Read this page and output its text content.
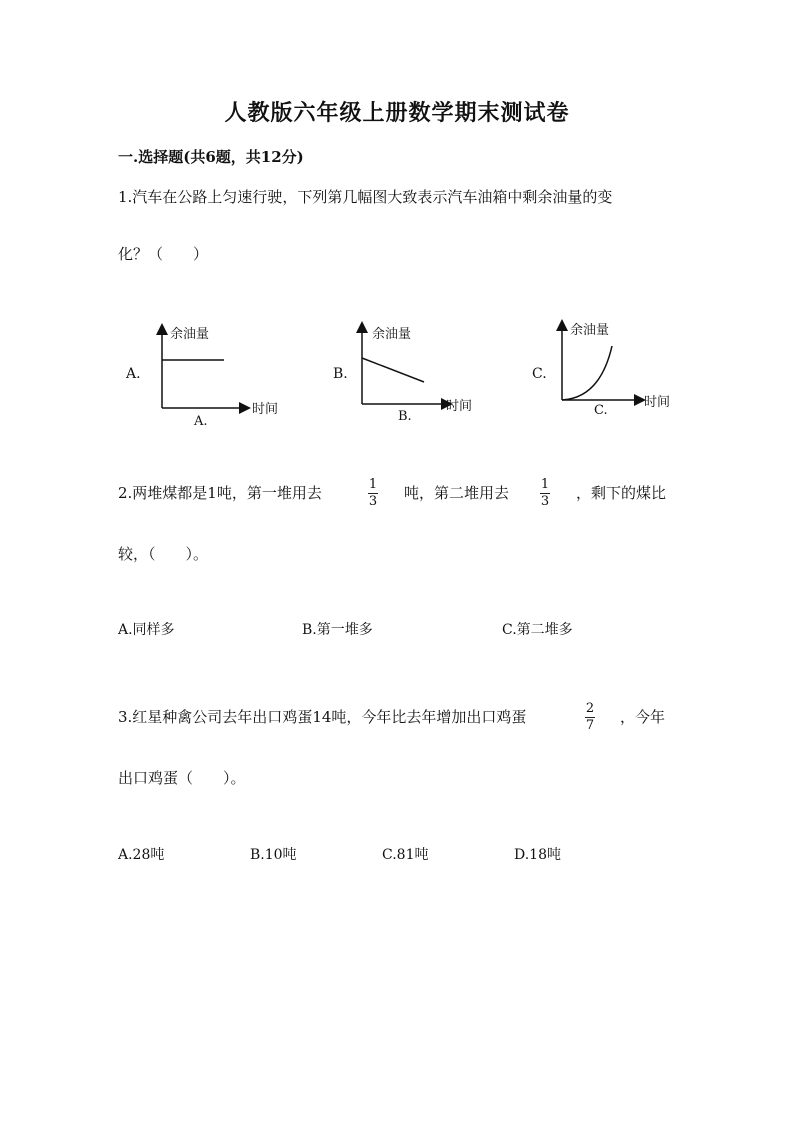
人教版六年级上册数学期末测试卷
一.选择题(共6题，共12分)
1.汽车在公路上匀速行驶，下列第几幅图大致表示汽车油箱中剩余油量的变
化？（　　）
A.
余油量
时间
A.
B.
余油量
时间
B.
C.
余油量
时间
C.
2.两堆煤都是1吨，第一堆用去	1
3 吨，第二堆用去 1
3 ，剩下的煤比
较，（　　）。
A.同样多	B.第一堆多	C.第二堆多
3.红星种禽公司去年出口鸡蛋14吨，今年比去年增加出口鸡蛋	2
7 ，今年
出口鸡蛋（　　）。
A.28吨	B.10吨	C.81吨	D.18吨
